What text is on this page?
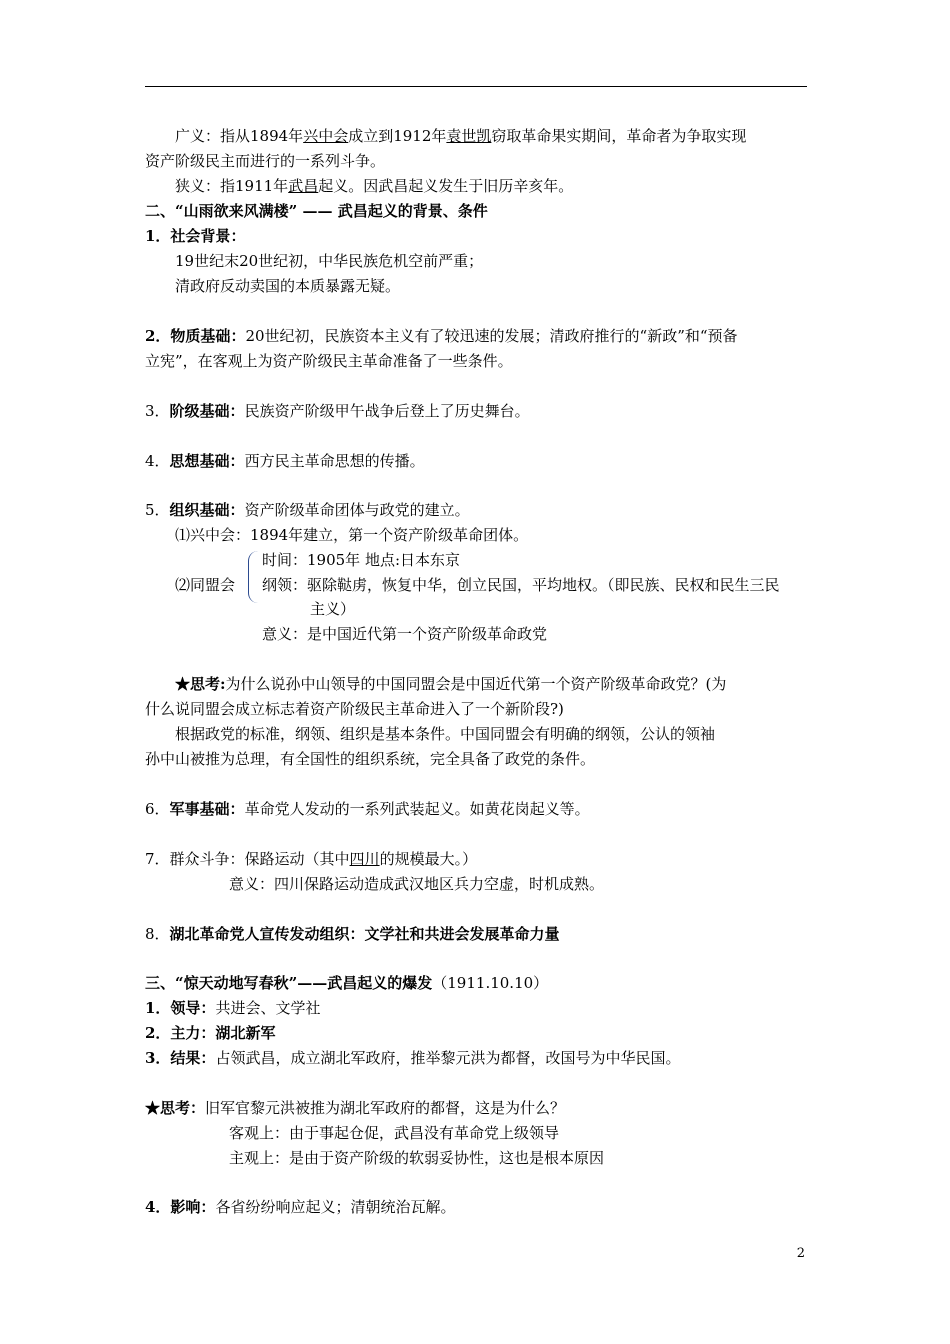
广义：指从1894年兴中会成立到1912年袁世凯窃取革命果实期间，革命者为争取实现
资产阶级民主而进行的一系列斗争。
狭义：指1911年武昌起义。因武昌起义发生于旧历辛亥年。
二、“山雨欲来风满楼” —— 武昌起义的背景、条件
1．社会背景：
19世纪末20世纪初，中华民族危机空前严重；
清政府反动卖国的本质暴露无疑。
2．物质基础：20世纪初，民族资本主义有了较迅速的发展；清政府推行的“新政”和“预备
立宪”，在客观上为资产阶级民主革命准备了一些条件。
3．阶级基础：民族资产阶级甲午战争后登上了历史舞台。
4．思想基础：西方民主革命思想的传播。
5．组织基础：资产阶级革命团体与政党的建立。
⑴兴中会：1894年建立，第一个资产阶级革命团体。
时间：1905年 地点:日本东京
⑵同盟会 纲领：驱除鞑虏，恢复中华，创立民国，平均地权。（即民族、民权和民生三民
主义）
意义：是中国近代第一个资产阶级革命政党
★思考:为什么说孙中山领导的中国同盟会是中国近代第一个资产阶级革命政党？(为
什么说同盟会成立标志着资产阶级民主革命进入了一个新阶段?)
根据政党的标准，纲领、组织是基本条件。中国同盟会有明确的纲领，公认的领袖
孙中山被推为总理，有全国性的组织系统，完全具备了政党的条件。
6．军事基础：革命党人发动的一系列武装起义。如黄花岗起义等。
7．群众斗争：保路运动（其中四川的规模最大。）
意义：四川保路运动造成武汉地区兵力空虚，时机成熟。
8．湖北革命党人宣传发动组织：文学社和共进会发展革命力量
三、“惊天动地写春秋”——武昌起义的爆发（1911.10.10）
1．领导：共进会、文学社
2．主力：湖北新军
3．结果：占领武昌，成立湖北军政府，推举黎元洪为都督，改国号为中华民国。
★思考：旧军官黎元洪被推为湖北军政府的都督，这是为什么？
客观上：由于事起仓促，武昌没有革命党上级领导
主观上：是由于资产阶级的软弱妥协性，这也是根本原因
4．影响：各省纷纷响应起义；清朝统治瓦解。
2
